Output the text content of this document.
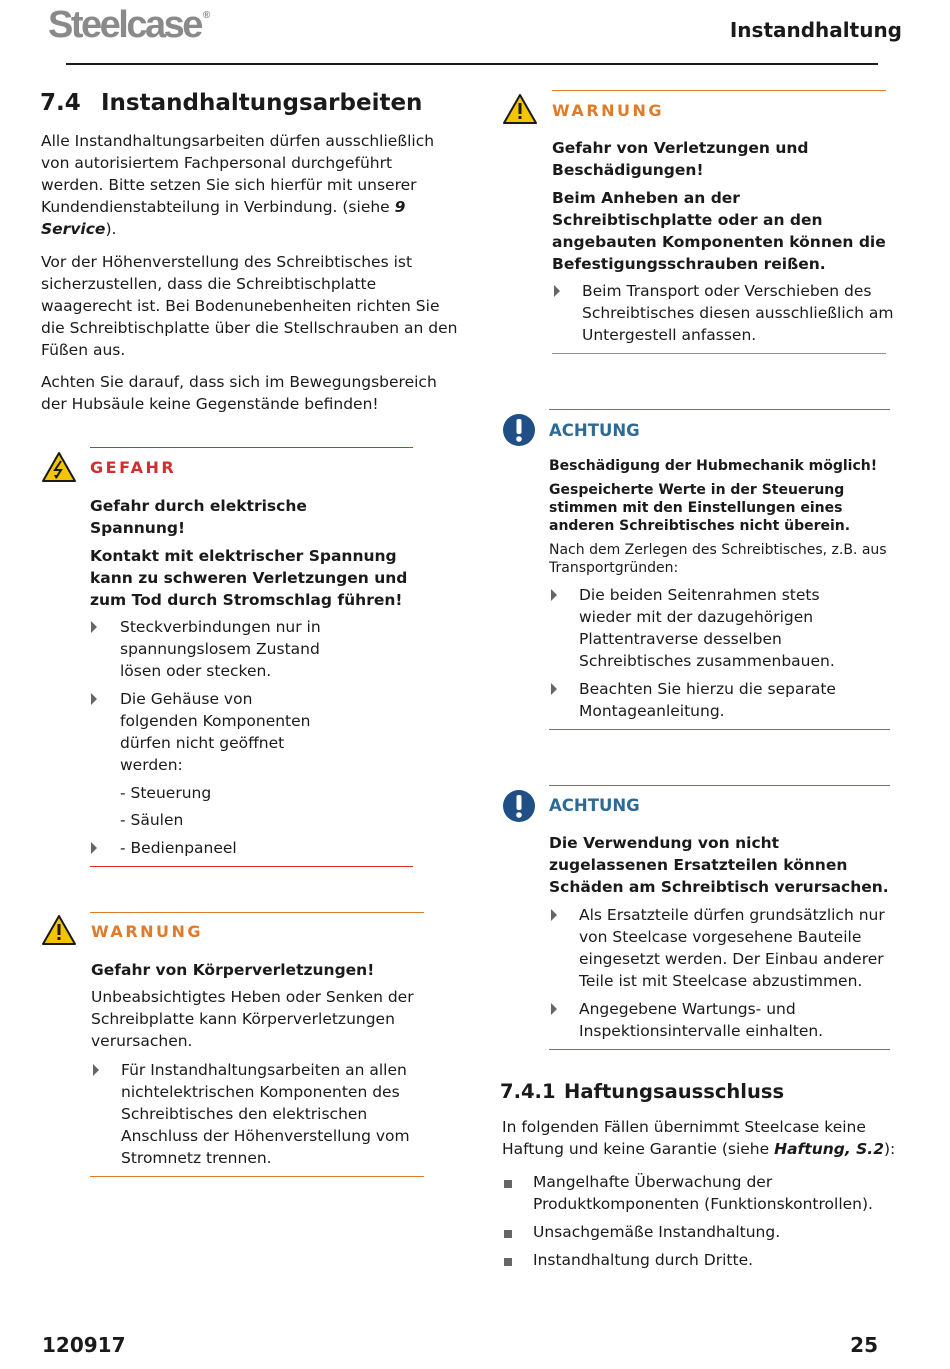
Steelcase ®
Instandhaltung
7.4 Instandhaltungsarbeiten
Alle Instandhaltungsarbeiten dürfen ausschließlich
von autorisiertem Fachpersonal durchgeführt
werden. Bitte setzen Sie sich hierfür mit unserer
Kundendienstabteilung in Verbindung. (siehe 9
Service).
Vor der Höhenverstellung des Schreibtisches ist
sicherzustellen, dass die Schreibtischplatte
waagerecht ist. Bei Bodenunebenheiten richten Sie
die Schreibtischplatte über die Stellschrauben an den
Füßen aus.
Achten Sie darauf, dass sich im Bewegungsbereich
der Hubsäule keine Gegenstände befinden!
GEFAHR
Gefahr durch elektrische
Spannung!
Kontakt mit elektrischer Spannung
kann zu schweren Verletzungen und
zum Tod durch Stromschlag führen!
Steckverbindungen nur in
spannungslosem Zustand
lösen oder stecken.
Die Gehäuse von
folgenden Komponenten
dürfen nicht geöffnet
werden:
- Steuerung
- Säulen
- Bedienpaneel
WARNUNG
Gefahr von Körperverletzungen!
Unbeabsichtigtes Heben oder Senken der
Schreibplatte kann Körperverletzungen
verursachen.
Für Instandhaltungsarbeiten an allen
nichtelektrischen Komponenten des
Schreibtisches den elektrischen
Anschluss der Höhenverstellung vom
Stromnetz trennen.
WARNUNG
Gefahr von Verletzungen und
Beschädigungen!
Beim Anheben an der
Schreibtischplatte oder an den
angebauten Komponenten können die
Befestigungsschrauben reißen.
Beim Transport oder Verschieben des
Schreibtisches diesen ausschließlich am
Untergestell anfassen.
ACHTUNG
Beschädigung der Hubmechanik möglich!
Gespeicherte Werte in der Steuerung
stimmen mit den Einstellungen eines
anderen Schreibtisches nicht überein.
Nach dem Zerlegen des Schreibtisches, z.B. aus
Transportgründen:
Die beiden Seitenrahmen stets
wieder mit der dazugehörigen
Plattentraverse desselben
Schreibtisches zusammenbauen.
Beachten Sie hierzu die separate
Montageanleitung.
ACHTUNG
Die Verwendung von nicht
zugelassenen Ersatzteilen können
Schäden am Schreibtisch verursachen.
Als Ersatzteile dürfen grundsätzlich nur
von Steelcase vorgesehene Bauteile
eingesetzt werden. Der Einbau anderer
Teile ist mit Steelcase abzustimmen.
Angegebene Wartungs- und
Inspektionsintervalle einhalten.
7.4.1 Haftungsausschluss
In folgenden Fällen übernimmt Steelcase keine
Haftung und keine Garantie (siehe Haftung, S.2):
Mangelhafte Überwachung der
Produktkomponenten (Funktionskontrollen).
Unsachgemäße Instandhaltung.
Instandhaltung durch Dritte.
120917	25
